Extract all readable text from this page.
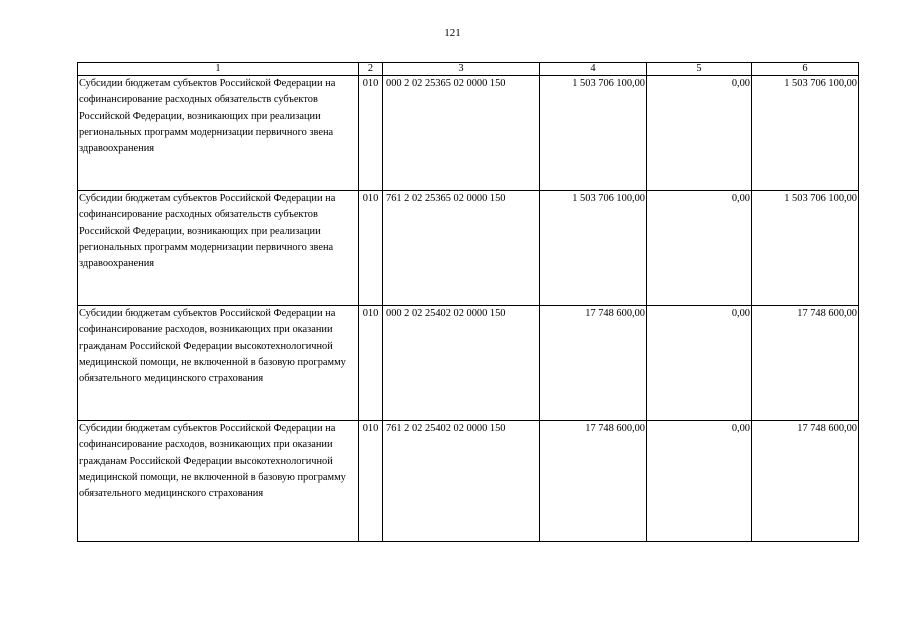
121
1	2	3	4	5	6
Субсидии бюджетам субъектов Российской Федерации на софинансирование расходных обязательств субъектов Российской Федерации, возникающих при реализации региональных программ модернизации первичного звена здравоохранения	010	000 2 02 25365 02 0000 150	1 503 706 100,00	0,00	1 503 706 100,00
Субсидии бюджетам субъектов Российской Федерации на софинансирование расходных обязательств субъектов Российской Федерации, возникающих при реализации региональных программ модернизации первичного звена здравоохранения	010	761 2 02 25365 02 0000 150	1 503 706 100,00	0,00	1 503 706 100,00
Субсидии бюджетам субъектов Российской Федерации на софинансирование расходов, возникающих при оказании гражданам Российской Федерации высокотехнологичной медицинской помощи, не включенной в базовую программу обязательного медицинского страхования	010	000 2 02 25402 02 0000 150	17 748 600,00	0,00	17 748 600,00
Субсидии бюджетам субъектов Российской Федерации на софинансирование расходов, возникающих при оказании гражданам Российской Федерации высокотехнологичной медицинской помощи, не включенной в базовую программу обязательного медицинского страхования	010	761 2 02 25402 02 0000 150	17 748 600,00	0,00	17 748 600,00
